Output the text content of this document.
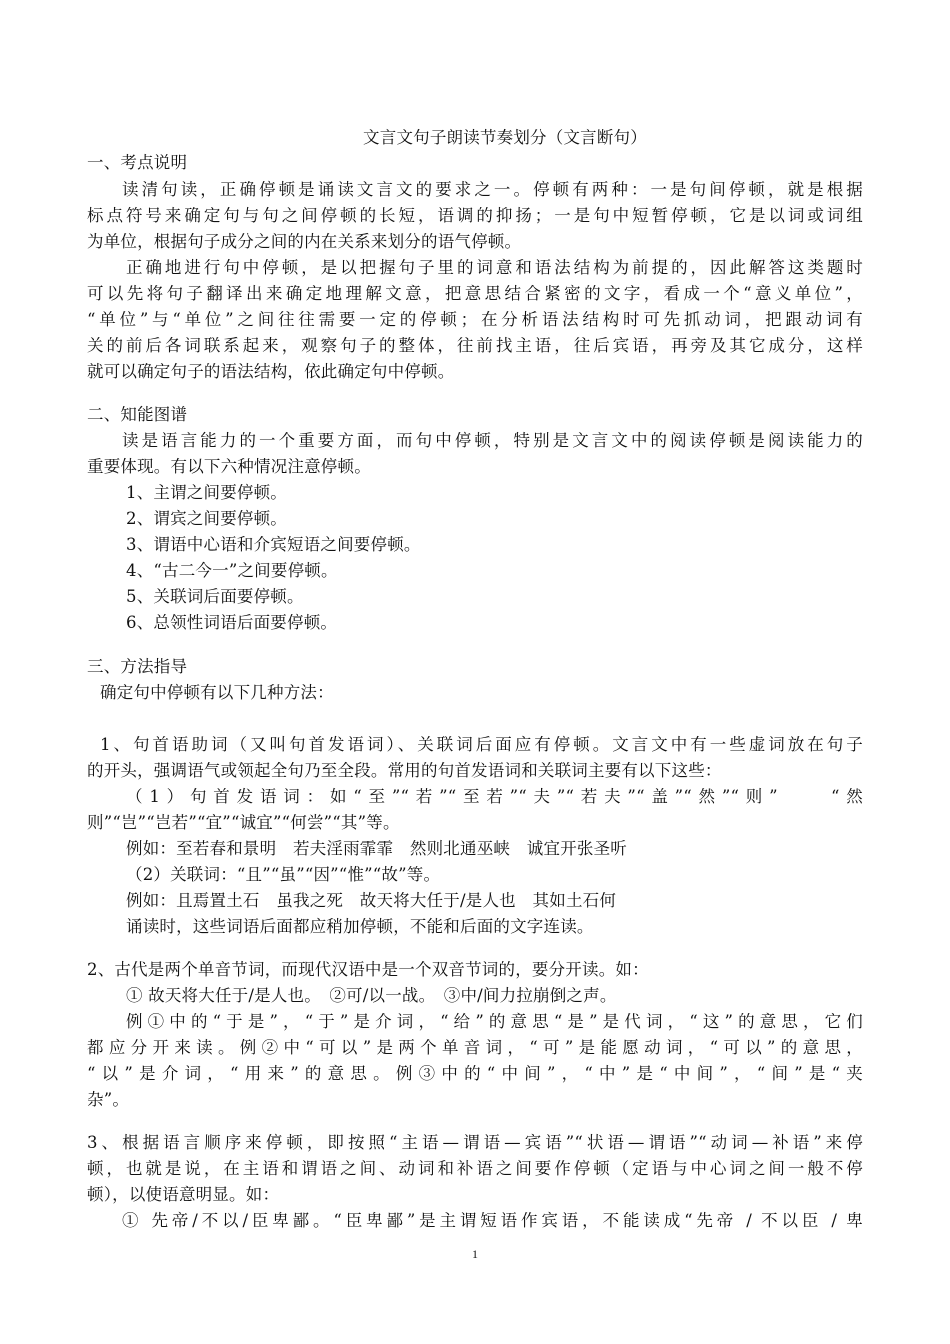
文言文句子朗读节奏划分（文言断句）
一、考点说明
读清句读，正确停顿是诵读文言文的要求之一。停顿有两种：一是句间停顿，就是根据
标点符号来确定句与句之间停顿的长短，语调的抑扬；一是句中短暂停顿，它是以词或词组
为单位，根据句子成分之间的内在关系来划分的语气停顿。
正确地进行句中停顿，是以把握句子里的词意和语法结构为前提的，因此解答这类题时
可以先将句子翻译出来确定地理解文意，把意思结合紧密的文字，看成一个“意义单位”，
“单位”与“单位”之间往往需要一定的停顿；在分析语法结构时可先抓动词，把跟动词有
关的前后各词联系起来，观察句子的整体，往前找主语，往后宾语，再旁及其它成分，这样
就可以确定句子的语法结构，依此确定句中停顿。
二、知能图谱
读是语言能力的一个重要方面，而句中停顿，特别是文言文中的阅读停顿是阅读能力的
重要体现。有以下六种情况注意停顿。
1、主谓之间要停顿。
2、谓宾之间要停顿。
3、谓语中心语和介宾短语之间要停顿。
4、“古二今一”之间要停顿。
5、关联词后面要停顿。
6、总领性词语后面要停顿。
三、方法指导
确定句中停顿有以下几种方法：
1、句首语助词（又叫句首发语词）、关联词后面应有停顿。文言文中有一些虚词放在句子
的开头，强调语气或领起全句乃至全段。常用的句首发语词和关联词主要有以下这些：
（1）句首发语词：如“至”“若”“至若”“夫”“若夫”“盖”“然”“则”　　“然
则”“岂”“岂若”“宜”“诚宜”“何尝”“其”等。
例如：至若春和景明　若夫淫雨霏霏　然则北通巫峡　诚宜开张圣听
（2）关联词：“且”“虽”“因”“惟”“故”等。
例如：且焉置土石　虽我之死　故天将大任于/是人也　其如土石何
诵读时，这些词语后面都应稍加停顿，不能和后面的文字连读。
2、古代是两个单音节词，而现代汉语中是一个双音节词的，要分开读。如：
① 故天将大任于/是人也。　②可/以一战。　③中/间力拉崩倒之声。
例①中的“于是”，“于”是介词，“给”的意思“是”是代词，“这”的意思，它们
都应分开来读。例②中“可以”是两个单音词，“可”是能愿动词，“可以”的意思，
“以”是介词，“用来”的意思。例③中的“中间”，“中”是“中间”，“间”是“夹
杂”。
3、根据语言顺序来停顿，即按照“主语—谓语—宾语”“状语—谓语”“动词—补语”来停
顿，也就是说，在主语和谓语之间、动词和补语之间要作停顿（定语与中心词之间一般不停
顿），以使语意明显。如：
① 先帝/不以/臣卑鄙。“臣卑鄙”是主谓短语作宾语，不能读成“先帝 / 不以臣 / 卑
1
